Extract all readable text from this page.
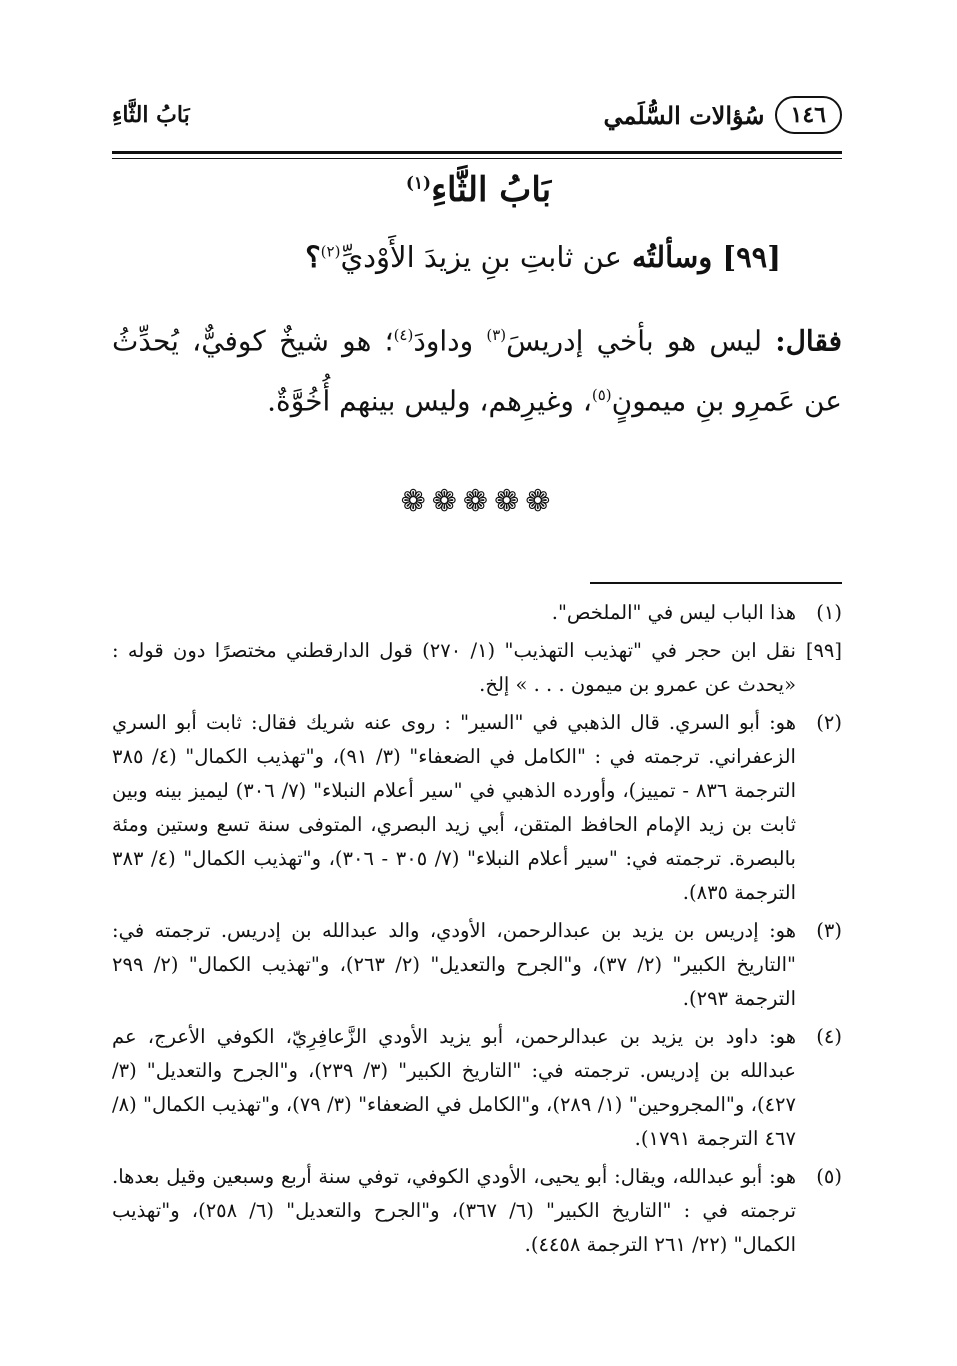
بَابُ الثَّاءِ	١٤٦
سُؤالات السُّلَمي
بَابُ الثَّاءِ$^{(١)}$
[٩٩] وسألتُه عن ثابتِ بنِ يزيدَ الأَوْديِّ$^{(٢)}$؟
فقال: ليس هو بأخي إدريسَ$^{(٣)}$ وداودَ$^{(٤)}$؛ هو شيخٌ كوفيٌّ، يُحدِّثُ عن عَمرِو بنِ ميمونٍ$^{(٥)}$، وغيرِهم، وليس بينهم أُخُوَّةٌ.
❁❁❁❁❁
(١)
هذا الباب ليس في "الملخص".
[٩٩]
نقل ابن حجر في "تهذيب التهذيب" (١/ ٢٧٠) قول الدارقطني مختصرًا دون قوله : «يحدث عن عمرو بن ميمون . . . » إلخ.
(٢)
هو: أبو السري. قال الذهبي في "السير" : روى عنه شريك فقال: ثابت أبو السري الزعفراني. ترجمته في : "الكامل في الضعفاء" (٣/ ٩١)، و"تهذيب الكمال" (٤/ ٣٨٥ الترجمة ٨٣٦ - تمييز)، وأورده الذهبي في "سير أعلام النبلاء" (٧/ ٣٠٦) ليميز بينه وبين ثابت بن زيد الإمام الحافظ المتقن، أبي زيد البصري، المتوفى سنة تسع وستين ومئة بالبصرة. ترجمته في: "سير أعلام النبلاء" (٧/ ٣٠٥ - ٣٠٦)، و"تهذيب الكمال" (٤/ ٣٨٣ الترجمة ٨٣٥).
(٣)
هو: إدريس بن يزيد بن عبدالرحمن، الأودي، والد عبدالله بن إدريس. ترجمته في: "التاريخ الكبير" (٢/ ٣٧)، و"الجرح والتعديل" (٢/ ٢٦٣)، و"تهذيب الكمال" (٢/ ٢٩٩ الترجمة ٢٩٣).
(٤)
هو: داود بن يزيد بن عبدالرحمن، أبو يزيد الأودي الزَّعافِرِيّ، الكوفي الأعرج، عم عبدالله بن إدريس. ترجمته في: "التاريخ الكبير" (٣/ ٢٣٩)، و"الجرح والتعديل" (٣/ ٤٢٧)، و"المجروحين" (١/ ٢٨٩)، و"الكامل في الضعفاء" (٣/ ٧٩)، و"تهذيب الكمال" (٨/ ٤٦٧ الترجمة ١٧٩١).
(٥)
هو: أبو عبدالله، ويقال: أبو يحيى، الأودي الكوفي، توفي سنة أربع وسبعين وقيل بعدها. ترجمته في : "التاريخ الكبير" (٦/ ٣٦٧)، و"الجرح والتعديل" (٦/ ٢٥٨)، و"تهذيب الكمال" (٢٢/ ٢٦١ الترجمة ٤٤٥٨).
